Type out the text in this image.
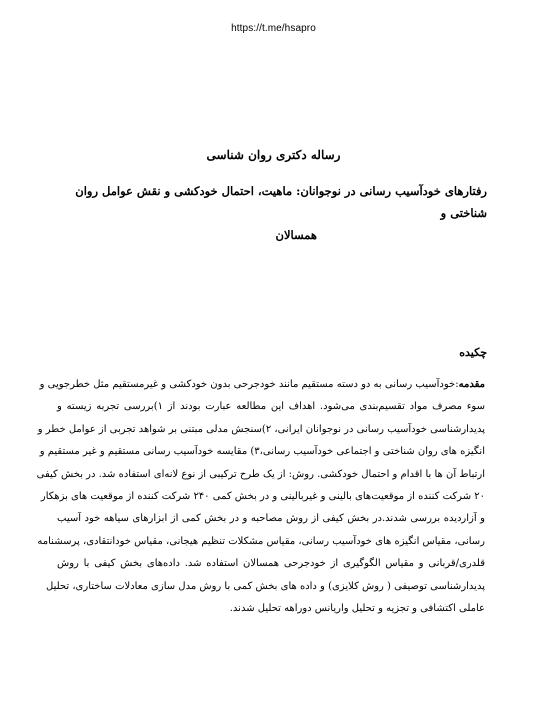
https://t.me/hsapro
رساله دکتری روان شناسی
رفتارهای خودآسیب رسانی در نوجوانان: ماهیت، احتمال خودکشی و نقش عوامل روان شناختی و
همسالان
چکیده

مقدمه:خودآسیب رسانی به دو دسته مستقیم مانند خودجرحی بدون خودکشی و غیرمستقیم مثل خطرجویی و

سوء مصرف مواد تقسیم‌بندی می‌شود. اهداف این مطالعه عبارت بودند از ۱)بررسی تجربه زیسته و

پدیدارشناسی خودآسیب رسانی در نوجوانان ایرانی، ۲)سنجش مدلی مبتنی بر شواهد تجربی از عوامل خطر و

انگیزه های روان شناختی و اجتماعی خودآسیب رسانی،۳) مقایسه خودآسیب رسانی مستقیم و غیر مستقیم و

ارتباط آن ها با اقدام و احتمال خودکشی. روش: از یک طرح ترکیبی از نوع لانه‌ای استفاده شد. در بخش کیفی

۲۰ شرکت کننده از موقعیت‌های بالینی و غیربالینی و در بخش کمی ۲۴۰ شرکت کننده از موقعیت های بزهکار

و آزاردیده بررسی شدند.در بخش کیفی از روش مصاحبه و در بخش کمی از ابزارهای سیاهه خود آسیب

رسانی، مقیاس انگیزه های خودآسیب رسانی، مقیاس مشکلات تنظیم هیجانی، مقیاس خودانتقادی، پرسشنامه

قلدری/قربانی و مقیاس الگوگیری از خودجرحی همسالان استفاده شد. داده‌های بخش کیفی با روش

پدیدارشناسی توصیفی ( روش کلایزی) و داده های بخش کمی با روش مدل سازی معادلات ساختاری، تحلیل

عاملی اکتشافی و تجزیه و تحلیل واریانس دوراهه تحلیل شدند.
